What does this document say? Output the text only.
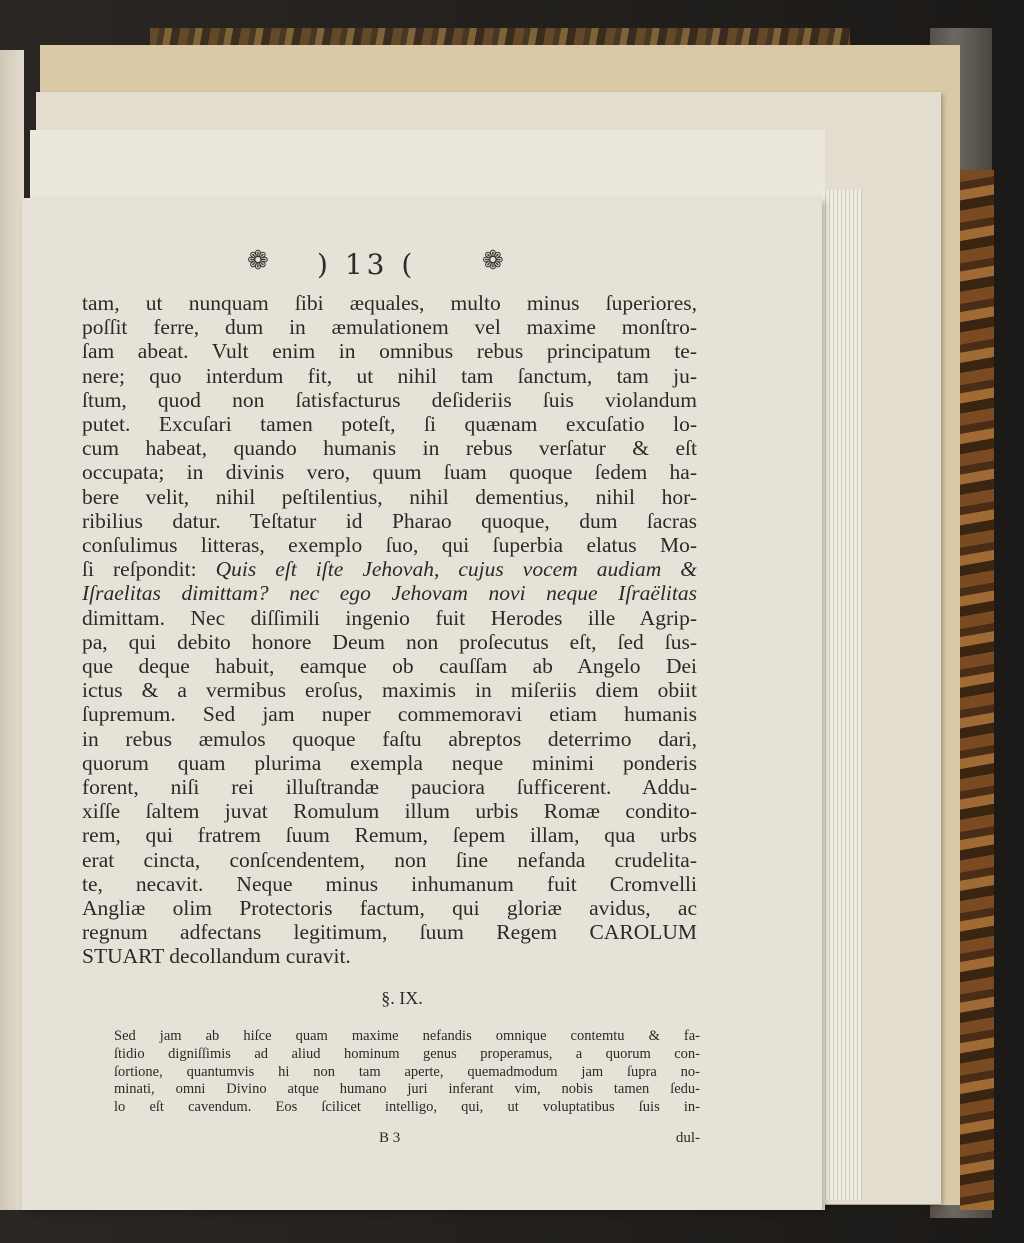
❁ ) 13 (	❁
tam, ut nunquam ſibi æquales, multo minus ſuperiores,
poſſit ferre, dum in æmulationem vel maxime monſtro-
ſam abeat. Vult enim in omnibus rebus principatum te-
nere; quo interdum fit, ut nihil tam ſanctum, tam ju-
ſtum, quod non ſatisfacturus deſideriis ſuis violandum
putet. Excuſari tamen poteſt, ſi quænam excuſatio lo-
cum habeat, quando humanis in rebus verſatur & eſt
occupata; in divinis vero, quum ſuam quoque ſedem ha-
bere velit, nihil peſtilentius, nihil dementius, nihil hor-
ribilius datur. Teſtatur id Pharao quoque, dum ſacras
conſulimus litteras, exemplo ſuo, qui ſuperbia elatus Mo-
ſi reſpondit: Quis eſt iſte Jehovah, cujus vocem audiam &
Iſraelitas dimittam? nec ego Jehovam novi neque Iſraëlitas
dimittam. Nec diſſimili ingenio fuit Herodes ille Agrip-
pa, qui debito honore Deum non proſecutus eſt, ſed ſus-
que deque habuit, eamque ob cauſſam ab Angelo Dei
ictus & a vermibus eroſus, maximis in miſeriis diem obiit
ſupremum. Sed jam nuper commemoravi etiam humanis
in rebus æmulos quoque faſtu abreptos deterrimo dari,
quorum quam plurima exempla neque minimi ponderis
forent, niſi rei illuſtrandæ pauciora ſufficerent. Addu-
xiſſe ſaltem juvat Romulum illum urbis Romæ condito-
rem, qui fratrem ſuum Remum, ſepem illam, qua urbs
erat cincta, conſcendentem, non ſine nefanda crudelita-
te, necavit. Neque minus inhumanum fuit Cromvelli
Angliæ olim Protectoris factum, qui gloriæ avidus, ac
regnum adfectans legitimum, ſuum Regem CAROLUM
STUART decollandum curavit.
§. IX.
Sed jam ab hiſce quam maxime nefandis omnique contemtu & fa-
ſtidio digniſſimis ad aliud hominum genus properamus, a quorum con-
ſortione, quantumvis hi non tam aperte, quemadmodum jam ſupra no-
minati, omni Divino atque humano juri inferant vim, nobis tamen ſedu-
lo eſt cavendum. Eos ſcilicet intelligo, qui, ut voluptatibus ſuis in-
B 3	dul-
